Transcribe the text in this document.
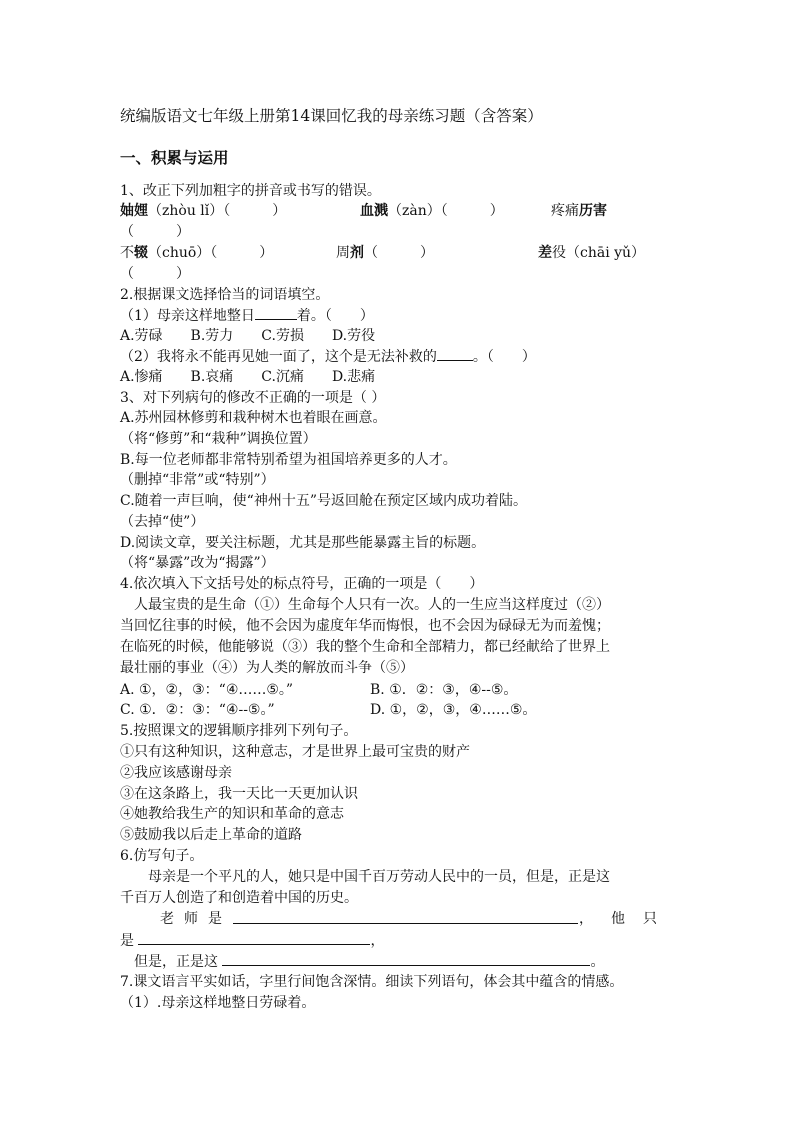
统编版语文七年级上册第14课回忆我的母亲练习题（含答案）

一、积累与运用

1、改正下列加粗字的拼音或书写的错误。

妯娌（zhòu lǐ）（　　　）	血溅（zàn）（　　　）	疼痛历害

（　　　）

不辍（chuō）（　　　）	周剂（　　　）	差役（chāi yǔ）

（　　　）

2.根据课文选择恰当的词语填空。

（1）母亲这样地整日	着。（　　）

A.劳碌　　B.劳力　　C.劳损　　D.劳役

（2）我将永不能再见她一面了，这个是无法补救的	。（　　）

A.惨痛　　B.哀痛　　C.沉痛　　D.悲痛

3、对下列病句的修改不正确的一项是（ ）

A.苏州园林修剪和栽种树木也着眼在画意。

（将“修剪”和“栽种”调换位置）

B.每一位老师都非常特别希望为祖国培养更多的人才。

（删掉“非常”或“特别”）

C.随着一声巨响，使“神州十五”号返回舱在预定区域内成功着陆。

（去掉“使”）

D.阅读文章，要关注标题，尤其是那些能暴露主旨的标题。

（将“暴露”改为“揭露”）

4.依次填入下文括号处的标点符号，正确的一项是（　　）

　人最宝贵的是生命（①）生命每个人只有一次。人的一生应当这样度过（②）

当回忆往事的时候，他不会因为虚度年华而悔恨，也不会因为碌碌无为而羞愧；

在临死的时候，他能够说（③）我的整个生命和全部精力，都已经献给了世界上

最壮丽的事业（④）为人类的解放而斗争（⑤）

A. ①，②，③：“④……⑤。”	B. ①．②：③，④--⑤。

C. ①．②：③：“④--⑤。”	D. ①，②，③，④……⑤。

5.按照课文的逻辑顺序排列下列句子。

①只有这种知识，这种意志，才是世界上最可宝贵的财产

②我应该感谢母亲

③在这条路上，我一天比一天更加认识

④她教给我生产的知识和革命的意志

⑤鼓励我以后走上革命的道路

6.仿写句子。

　　母亲是一个平凡的人，她只是中国千百万劳动人民中的一员，但是，正是这

千百万人创造了和创造着中国的历史。

老师是	，他只

是	，

　但是，正是这	。

7.课文语言平实如话，字里行间饱含深情。细读下列语句，体会其中蕴含的情感。

（1）.母亲这样地整日劳碌着。
